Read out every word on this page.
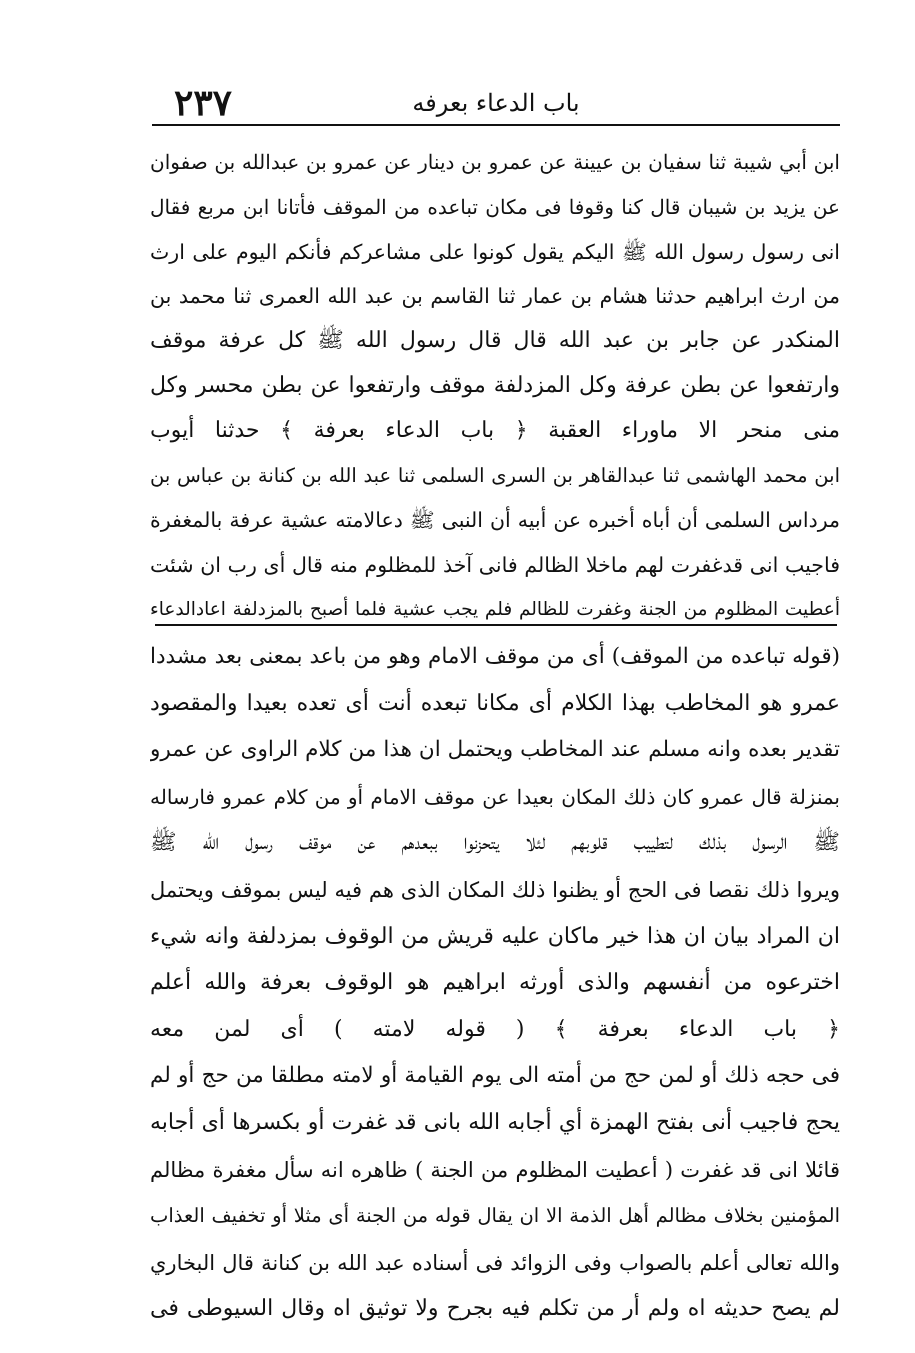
٢٣٧	باب الدعاء بعرفه
ابن أبي شيبة ثنا سفيان بن عيينة عن عمرو بن دينار عن عمرو بن عبدالله بن صفوان
عن يزيد بن شيبان قال كنا وقوفا فى مكان تباعده من الموقف فأتانا ابن مربع فقال
انى رسول رسول الله ﷺ اليكم يقول كونوا على مشاعركم فأنكم اليوم على ارث
من ارث ابراهيم حدثنا هشام بن عمار ثنا القاسم بن عبد الله العمرى ثنا محمد بن
المنكدر عن جابر بن عبد الله قال قال رسول الله ﷺ كل عرفة موقف
وارتفعوا عن بطن عرفة وكل المزدلفة موقف وارتفعوا عن بطن محسر وكل
منى منحر الا ماوراء العقبة ﴿ باب الدعاء بعرفة ﴾ حدثنا أيوب
ابن محمد الهاشمى ثنا عبدالقاهر بن السرى السلمى ثنا عبد الله بن كنانة بن عباس بن
مرداس السلمى أن أباه أخبره عن أبيه أن النبى ﷺ دعالامته عشية عرفة بالمغفرة
فاجيب انى قدغفرت لهم ماخلا الظالم فانى آخذ للمظلوم منه قال أى رب ان شئت
أعطيت المظلوم من الجنة وغفرت للظالم فلم يجب عشية فلما أصبح بالمزدلفة اعادالدعاء
(قوله تباعده من الموقف) أى من موقف الامام وهو من باعد بمعنى بعد مشددا
عمرو هو المخاطب بهذا الكلام أى مكانا تبعده أنت أى تعده بعيدا والمقصود
تقدير بعده وانه مسلم عند المخاطب ويحتمل ان هذا من كلام الراوى عن عمرو
بمنزلة قال عمرو كان ذلك المكان بعيدا عن موقف الامام أو من كلام عمرو فارساله
ﷺ الرسول بذلك لتطييب قلوبهم لئلا يتحزنوا ببعدهم عن موقف رسول الله ﷺ
ويروا ذلك نقصا فى الحج أو يظنوا ذلك المكان الذى هم فيه ليس بموقف ويحتمل
ان المراد بيان ان هذا خير ماكان عليه قريش من الوقوف بمزدلفة وانه شيء
اخترعوه من أنفسهم والذى أورثه ابراهيم هو الوقوف بعرفة والله أعلم
﴿ باب الدعاء بعرفة ﴾ ( قوله لامته ) أى لمن معه
فى حجه ذلك أو لمن حج من أمته الى يوم القيامة أو لامته مطلقا من حج أو لم
يحج فاجيب أنى بفتح الهمزة أي أجابه الله بانى قد غفرت أو بكسرها أى أجابه
قائلا انى قد غفرت ( أعطيت المظلوم من الجنة ) ظاهره انه سأل مغفرة مظالم
المؤمنين بخلاف مظالم أهل الذمة الا ان يقال قوله من الجنة أى مثلا أو تخفيف العذاب
والله تعالى أعلم بالصواب وفى الزوائد فى أسناده عبد الله بن كنانة قال البخاري
لم يصح حديثه اه ولم أر من تكلم فيه بجرح ولا توثيق اه وقال السيوطى فى
